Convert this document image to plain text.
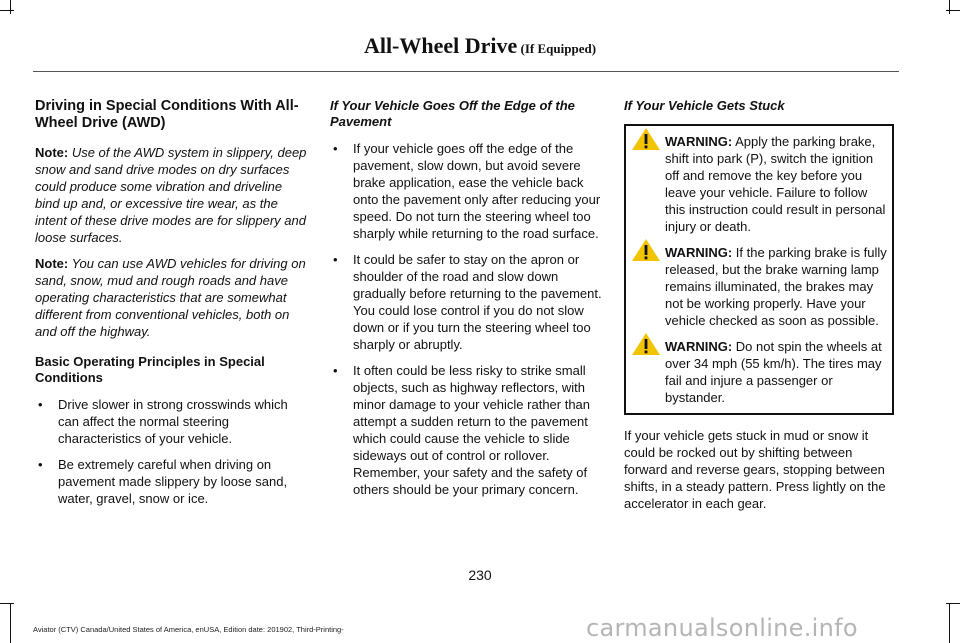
All-Wheel Drive (If Equipped)
Driving in Special Conditions With All-Wheel Drive (AWD)

Note: Use of the AWD system in slippery, deep snow and sand drive modes on dry surfaces could produce some vibration and driveline bind up and, or excessive tire wear, as the intent of these drive modes are for slippery and loose surfaces.

Note: You can use AWD vehicles for driving on sand, snow, mud and rough roads and have operating characteristics that are somewhat different from conventional vehicles, both on and off the highway.

Basic Operating Principles in Special Conditions
• Drive slower in strong crosswinds which can affect the normal steering characteristics of your vehicle.
• Be extremely careful when driving on pavement made slippery by loose sand, water, gravel, snow or ice.
If Your Vehicle Goes Off the Edge of the Pavement
• If your vehicle goes off the edge of the pavement, slow down, but avoid severe brake application, ease the vehicle back onto the pavement only after reducing your speed. Do not turn the steering wheel too sharply while returning to the road surface.
• It could be safer to stay on the apron or shoulder of the road and slow down gradually before returning to the pavement. You could lose control if you do not slow down or if you turn the steering wheel too sharply or abruptly.
• It often could be less risky to strike small objects, such as highway reflectors, with minor damage to your vehicle rather than attempt a sudden return to the pavement which could cause the vehicle to slide sideways out of control or rollover. Remember, your safety and the safety of others should be your primary concern.
If Your Vehicle Gets Stuck
WARNING: Apply the parking brake, shift into park (P), switch the ignition off and remove the key before you leave your vehicle. Failure to follow this instruction could result in personal injury or death.
WARNING: If the parking brake is fully released, but the brake warning lamp remains illuminated, the brakes may not be working properly. Have your vehicle checked as soon as possible.
WARNING: Do not spin the wheels at over 34 mph (55 km/h). The tires may fail and injure a passenger or bystander.

If your vehicle gets stuck in mud or snow it could be rocked out by shifting between forward and reverse gears, stopping between shifts, in a steady pattern. Press lightly on the accelerator in each gear.

230
Aviator (CTV) Canada/United States of America, enUSA, Edition date: 201902, Third-Printing-	carmanualsonline.info
